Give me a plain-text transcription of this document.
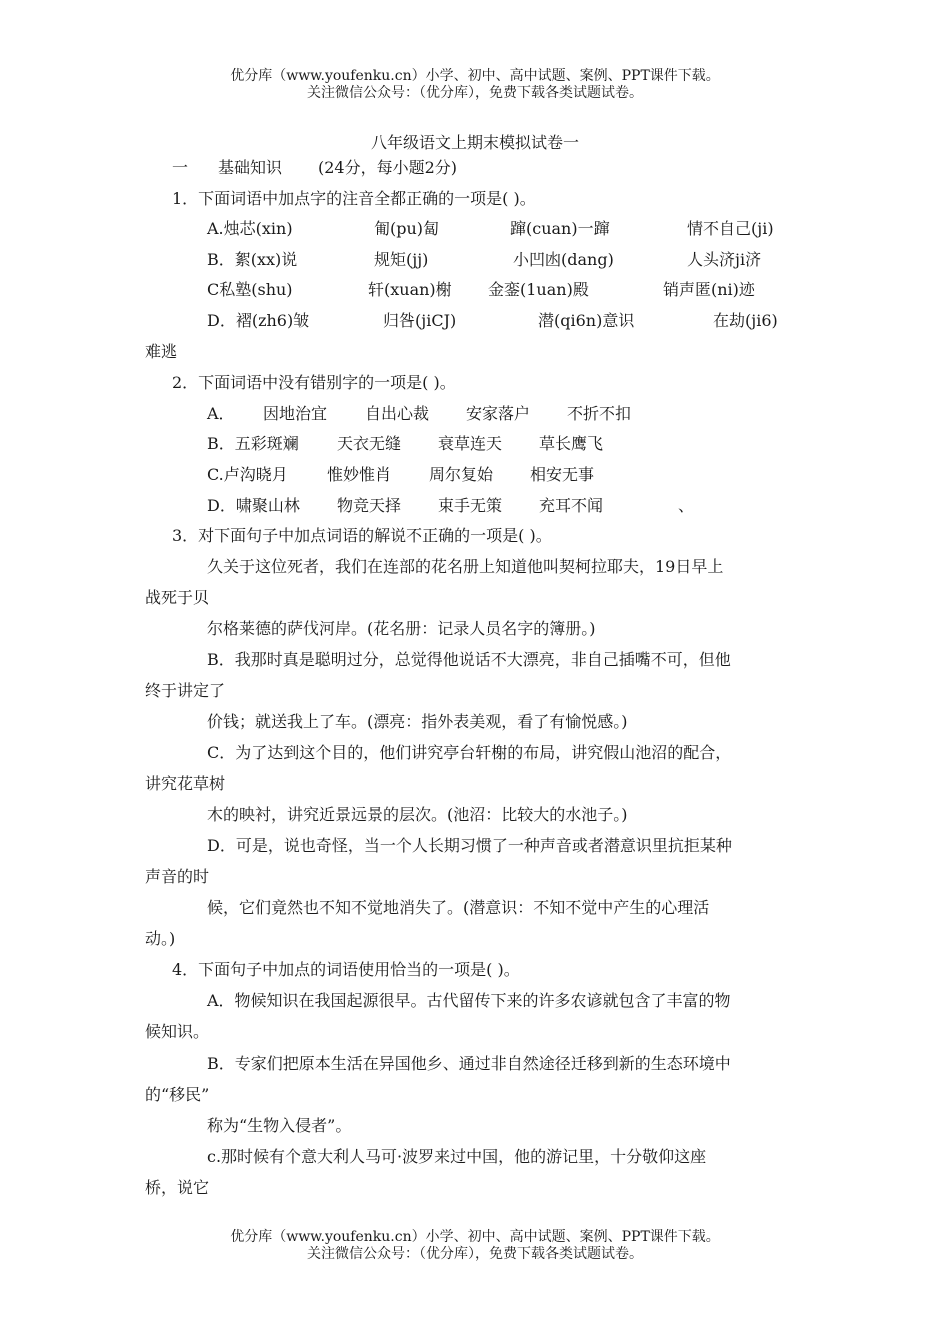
优分库（www.youfenku.cn）小学、初中、高中试题、案例、PPT课件下载。
关注微信公众号：（优分库），免费下载各类试题试卷。
八年级语文上期末模拟试卷一
一 基础知识 (24分，每小题2分)
1．下面词语中加点字的注音全都正确的一项是( )。
A.烛芯(xin)	匍(pu)匐	蹿(cuan)一蹿	情不自己(ji)
B．絮(xx)说	规矩(jj)	小凹凼(dang)	人头济ji济
C私塾(shu)	轩(xuan)榭 金銮(1uan)殿	销声匿(ni)迹
D．褶(zh6)皱	归咎(jiCJ)	潜(qi6n)意识	在劫(ji6)
难逃
2．下面词语中没有错别字的一项是( )。
A． 因地治宜 自出心裁 安家落户 不折不扣
B．五彩斑斓 天衣无缝 衰草连天 草长鹰飞
C.卢沟晓月 惟妙惟肖 周尔复始 相安无事
D．啸聚山林 物竞天择 束手无策 充耳不闻	、
3．对下面句子中加点词语的解说不正确的一项是( )。
久关于这位死者，我们在连部的花名册上知道他叫契柯拉耶夫，19日早上
战死于贝
尔格莱德的萨伐河岸。(花名册：记录人员名字的簿册。)
B．我那时真是聪明过分，总觉得他说话不大漂亮，非自己插嘴不可，但他
终于讲定了
价钱；就送我上了车。(漂亮：指外表美观，看了有愉悦感。)
C．为了达到这个目的，他们讲究亭台轩榭的布局，讲究假山池沼的配合，
讲究花草树
木的映衬，讲究近景远景的层次。(池沼：比较大的水池子。)
D．可是，说也奇怪，当一个人长期习惯了一种声音或者潜意识里抗拒某种
声音的时
候，它们竟然也不知不觉地消失了。(潜意识：不知不觉中产生的心理活
动。)
4．下面句子中加点的词语使用恰当的一项是( )。
A．物候知识在我国起源很早。古代留传下来的许多农谚就包含了丰富的物
候知识。
B．专家们把原本生活在异国他乡、通过非自然途径迁移到新的生态环境中
的“移民”
称为“生物入侵者”。
c.那时候有个意大利人马可·波罗来过中国，他的游记里，十分敬仰这座
桥，说它
优分库（www.youfenku.cn）小学、初中、高中试题、案例、PPT课件下载。
关注微信公众号：（优分库），免费下载各类试题试卷。
